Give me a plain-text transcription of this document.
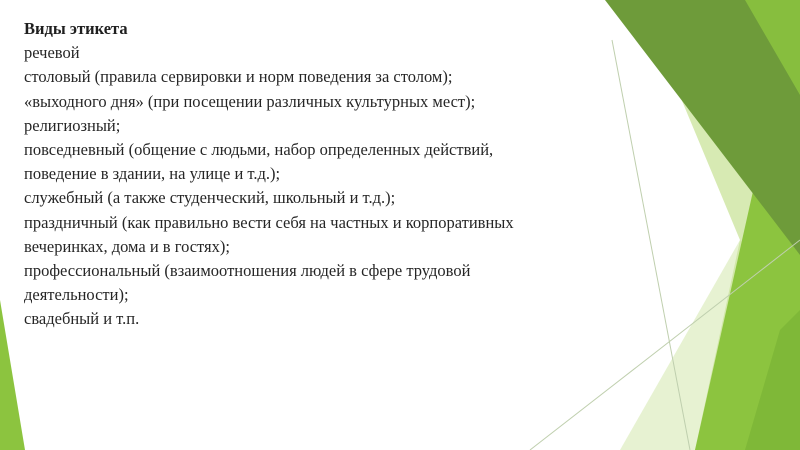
Виды этикета
речевой
столовый (правила сервировки и норм поведения за столом);
«выходного дня» (при посещении различных культурных мест);
религиозный;
повседневный (общение с людьми, набор определенных действий,
поведение в здании, на улице и т.д.);
служебный (а также студенческий, школьный и т.д.);
праздничный (как правильно вести себя на частных и корпоративных
вечеринках, дома и в гостях);
профессиональный (взаимоотношения людей в сфере трудовой
деятельности);
свадебный и т.п.
